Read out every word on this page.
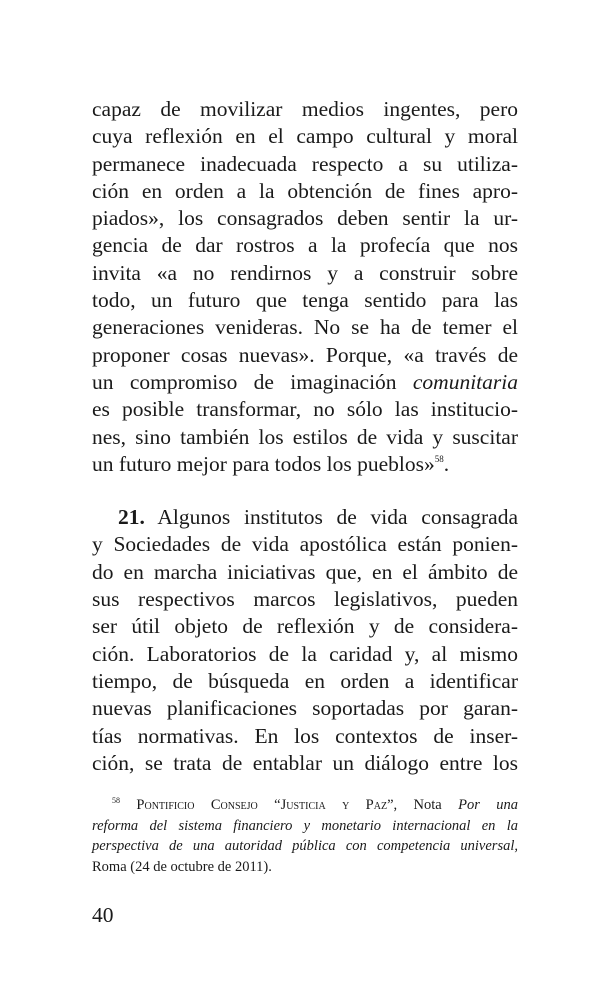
capaz de movilizar medios ingentes, pero
cuya reflexión en el campo cultural y moral
permanece inadecuada respecto a su utiliza-
ción en orden a la obtención de fines apro-
piados», los consagrados deben sentir la ur-
gencia de dar rostros a la profecía que nos
invita «a no rendirnos y a construir sobre
todo, un futuro que tenga sentido para las
generaciones venideras. No se ha de temer el
proponer cosas nuevas». Porque, «a través de
un compromiso de imaginación comunitaria
es posible transformar, no sólo las institucio-
nes, sino también los estilos de vida y suscitar
un futuro mejor para todos los pueblos»$^{58}$.
21. Algunos institutos de vida consagrada
y Sociedades de vida apostólica están ponien-
do en marcha iniciativas que, en el ámbito de
sus respectivos marcos legislativos, pueden
ser útil objeto de reflexión y de considera-
ción. Laboratorios de la caridad y, al mismo
tiempo, de búsqueda en orden a identificar
nuevas planificaciones soportadas por garan-
tías normativas. En los contextos de inser-
ción, se trata de entablar un diálogo entre los
$^{58}$ Pontificio Consejo “Justicia y Paz”, Nota Por una
reforma del sistema financiero y monetario internacional en la
perspectiva de una autoridad pública con competencia universal,
Roma (24 de octubre de 2011).
40
